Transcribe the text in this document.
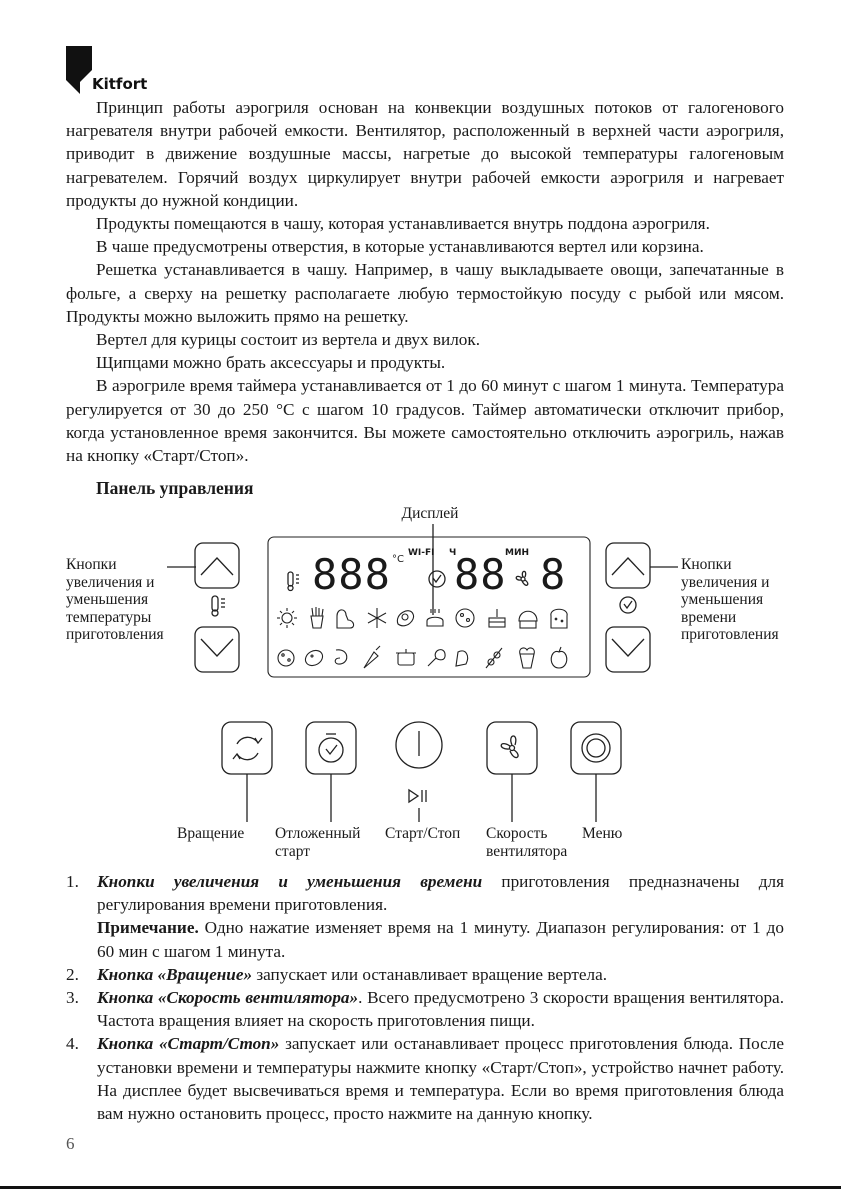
Kitfort

Принцип работы аэрогриля основан на конвекции воздушных потоков от галогенового нагревателя внутри рабочей емкости. Вентилятор, расположенный в верхней части аэрогриля, приводит в движение воздушные массы, нагретые до высокой температуры галогеновым нагревателем. Горячий воздух циркулирует внутри рабочей емкости аэрогриля и нагревает продукты до нужной кондиции.

Продукты помещаются в чашу, которая устанавливается внутрь поддона аэрогриля.

В чаше предусмотрены отверстия, в которые устанавливаются вертел или корзина.

Решетка устанавливается в чашу. Например, в чашу выкладываете овощи, запечатанные в фольге, а сверху на решетку располагаете любую термостойкую посуду с рыбой или мясом. Продукты можно выложить прямо на решетку.

Вертел для курицы состоит из вертела и двух вилок.

Щипцами можно брать аксессуары и продукты.

В аэрогриле время таймера устанавливается от 1 до 60 минут с шагом 1 минута. Температура регулируется от 30 до 250 °С с шагом 10 градусов. Таймер автоматически отключит прибор, когда установленное время закончится. Вы можете самостоятельно отключить аэрогриль, нажав на кнопку «Старт/Стоп».

Панель управления
888 °C
WI-FI Ч	МИН
88 8
Дисплей
Кнопки
увеличения и
уменьшения
температуры
приготовления
Кнопки
увеличения и
уменьшения
времени
приготовления
Вращение Отложенный
старт
Старт/Стоп Скорость
вентилятора
Меню
1. Кнопки увеличения и уменьшения времени приготовления предназначены для регулирования времени приготовления.
Примечание. Одно нажатие изменяет время на 1 минуту. Диапазон регулирования: от 1 до 60 мин с шагом 1 минута.
2. Кнопка «Вращение» запускает или останавливает вращение вертела.
3. Кнопка «Скорость вентилятора». Всего предусмотрено 3 скорости вращения вентилятора. Частота вращения влияет на скорость приготовления пищи.
4. Кнопка «Старт/Стоп» запускает или останавливает процесс приготовления блюда. После установки времени и температуры нажмите кнопку «Старт/Стоп», устройство начнет работу. На дисплее будет высвечиваться время и температура. Если во время приготовления блюда вам нужно остановить процесс, просто нажмите на данную кнопку.
6
